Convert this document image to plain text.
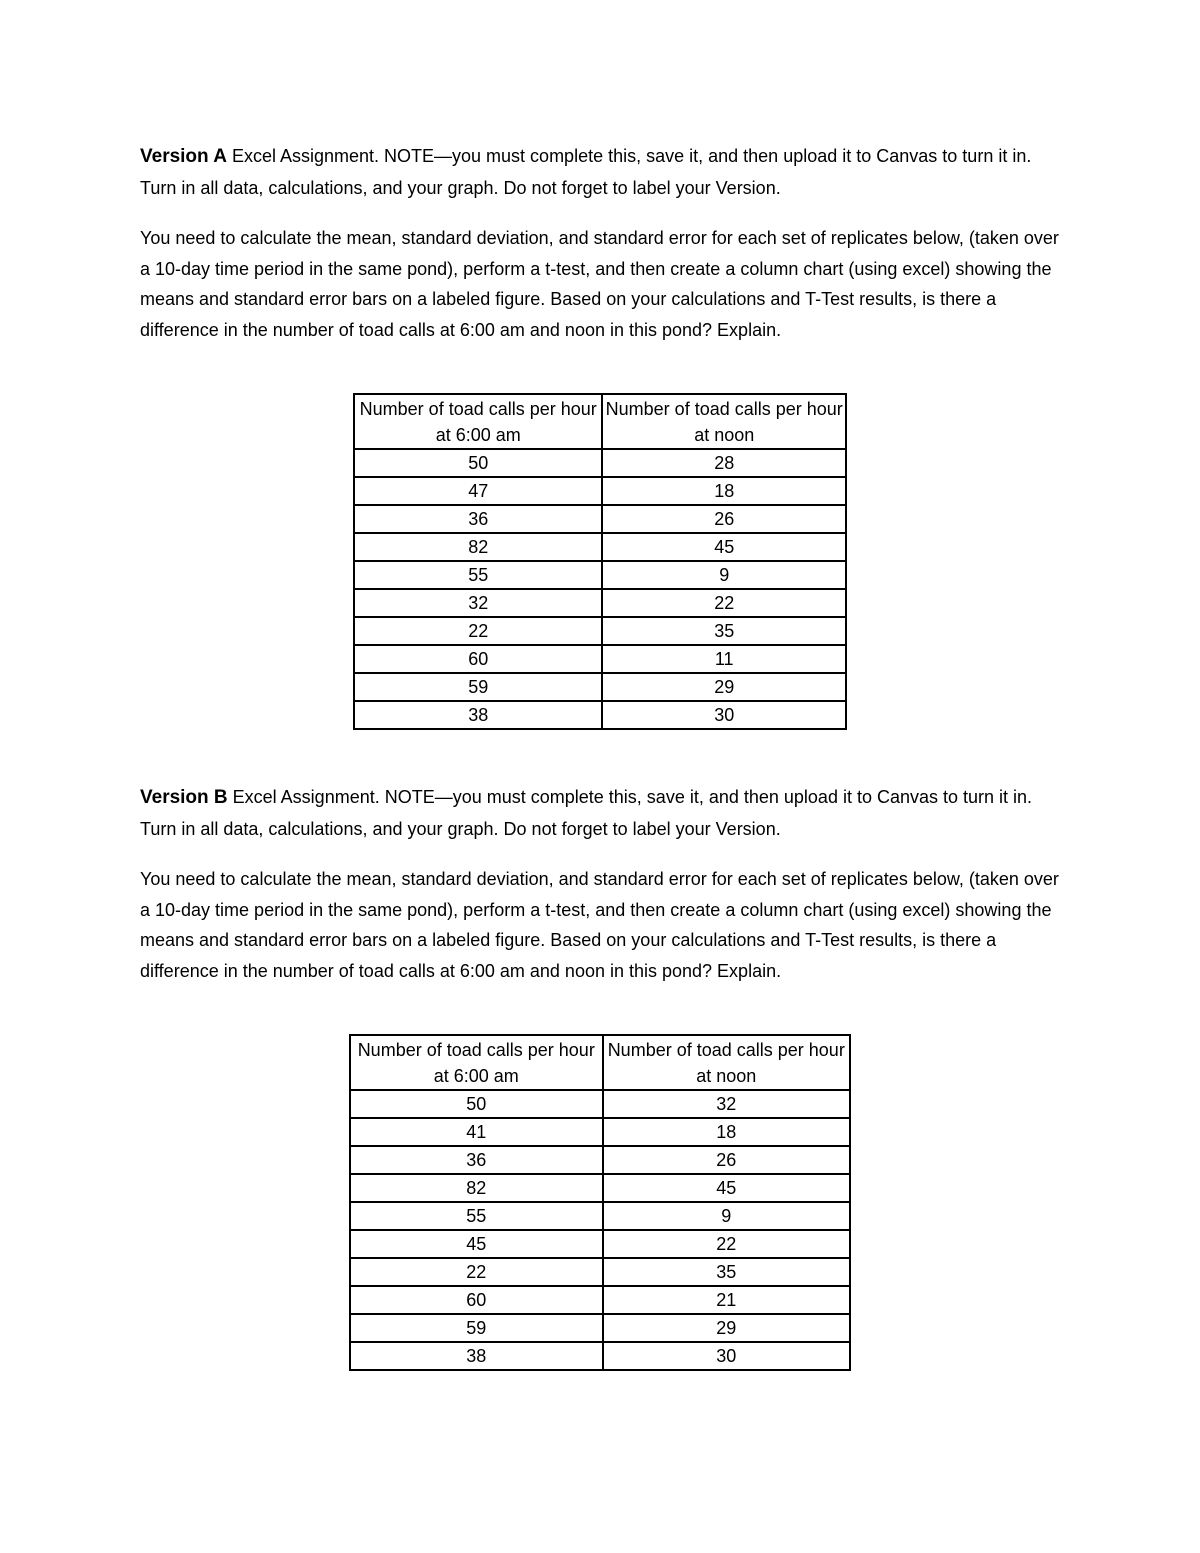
Version A Excel Assignment. NOTE—you must complete this, save it, and then upload it to Canvas to turn it in. Turn in all data, calculations, and your graph. Do not forget to label your Version.

You need to calculate the mean, standard deviation, and standard error for each set of replicates below, (taken over a 10-day time period in the same pond), perform a t-test, and then create a column chart (using excel) showing the means and standard error bars on a labeled figure. Based on your calculations and T-Test results, is there a difference in the number of toad calls at 6:00 am and noon in this pond? Explain.

Number of toad calls per hour at 6:00 am	Number of toad calls per hour at noon
50	28
47	18
36	26
82	45
55	9
32	22
22	35
60	11
59	29
38	30

Version B Excel Assignment. NOTE—you must complete this, save it, and then upload it to Canvas to turn it in. Turn in all data, calculations, and your graph. Do not forget to label your Version.

You need to calculate the mean, standard deviation, and standard error for each set of replicates below, (taken over a 10-day time period in the same pond), perform a t-test, and then create a column chart (using excel) showing the means and standard error bars on a labeled figure. Based on your calculations and T-Test results, is there a difference in the number of toad calls at 6:00 am and noon in this pond? Explain.

Number of toad calls per hour at 6:00 am	Number of toad calls per hour at noon
50	32
41	18
36	26
82	45
55	9
45	22
22	35
60	21
59	29
38	30
